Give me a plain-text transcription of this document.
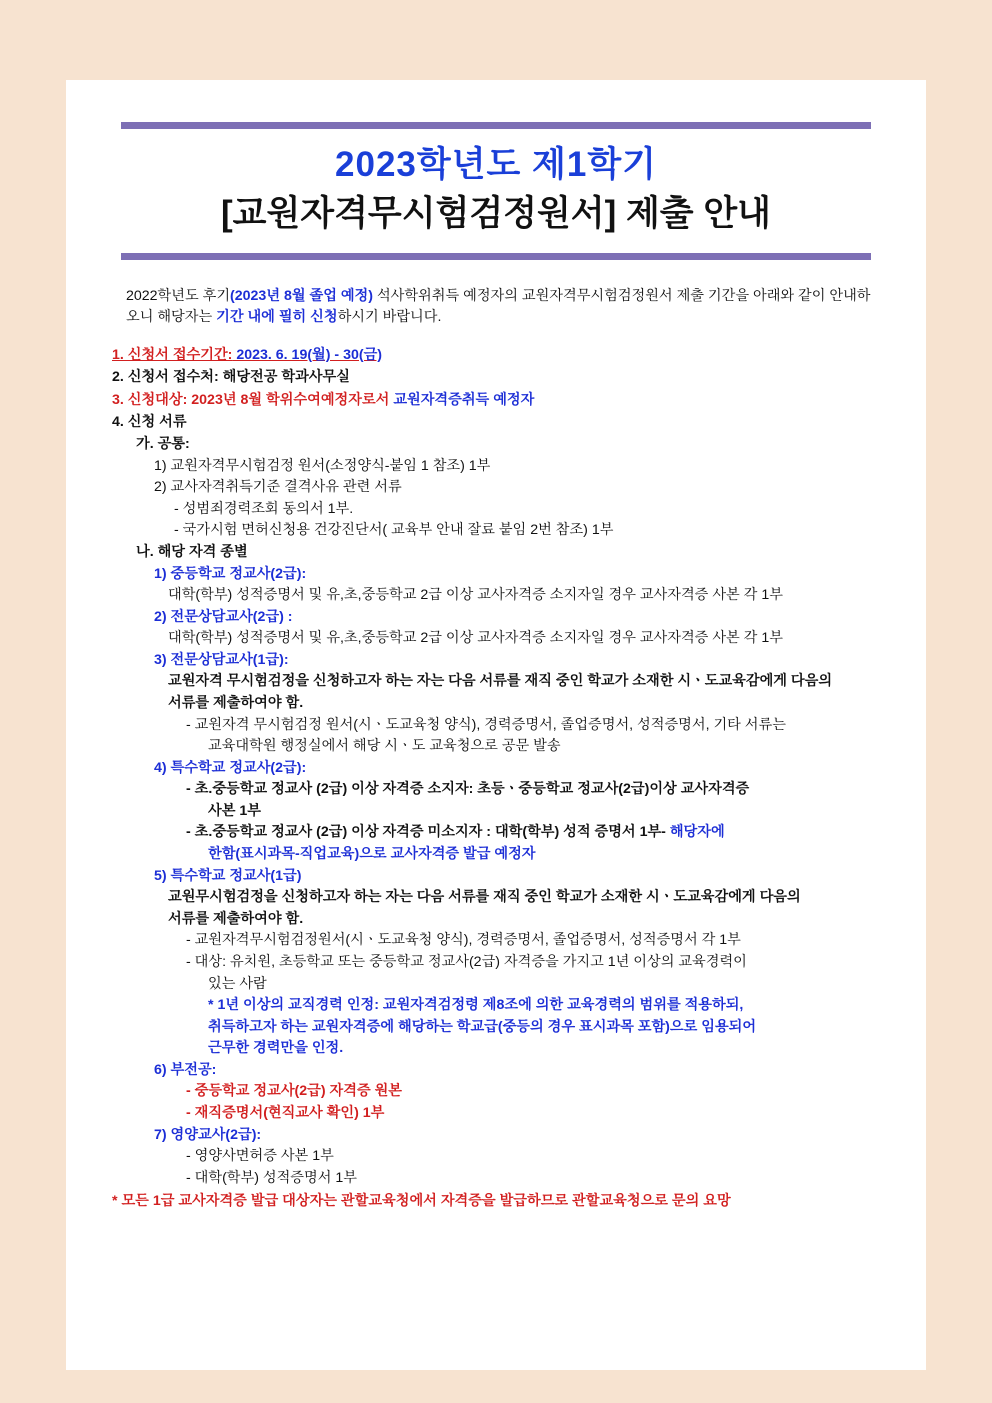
2023학년도 제1학기
[교원자격무시험검정원서] 제출 안내
2022학년도 후기(2023년 8월 졸업 예정) 석사학위취득 예정자의 교원자격무시험검정원서 제출 기간을 아래와 같이 안내하오니 해당자는 기간 내에 필히 신청하시기 바랍니다.
1. 신청서 접수기간: 2023. 6. 19(월) - 30(금)
2. 신청서 접수처: 해당전공 학과사무실
3. 신청대상: 2023년 8월 학위수여예정자로서 교원자격증취득 예정자
4. 신청 서류
가. 공통:
1) 교원자격무시험검정 원서(소정양식-붙임 1 참조) 1부
2) 교사자격취득기준 결격사유 관련 서류
- 성범죄경력조회 동의서 1부.
- 국가시험 면허신청용 건강진단서( 교육부 안내 잘료 붙임 2번 참조) 1부
나. 해당 자격 종별
1) 중등학교 정교사(2급):
대학(학부) 성적증명서 및 유,초,중등학교 2급 이상 교사자격증 소지자일 경우 교사자격증 사본 각 1부
2) 전문상담교사(2급) :
대학(학부) 성적증명서 및 유,초,중등학교 2급 이상 교사자격증 소지자일 경우 교사자격증 사본 각 1부
3) 전문상담교사(1급):
교원자격 무시험검정을 신청하고자 하는 자는 다음 서류를 재직 중인 학교가 소재한 시ㆍ도교육감에게 다음의
서류를 제출하여야 함.
- 교원자격 무시험검정 원서(시ㆍ도교육청 양식), 경력증명서, 졸업증명서, 성적증명서, 기타 서류는
교육대학원 행정실에서 해당 시ㆍ도 교육청으로 공문 발송
4) 특수학교 정교사(2급):
- 초.중등학교 정교사 (2급) 이상 자격증 소지자: 초등ㆍ중등학교 정교사(2급)이상 교사자격증
사본 1부
- 초.중등학교 정교사 (2급) 이상 자격증 미소지자 : 대학(학부) 성적 증명서 1부- 해당자에
한함(표시과목-직업교육)으로 교사자격증 발급 예정자
5) 특수학교 정교사(1급)
교원무시험검정을 신청하고자 하는 자는 다음 서류를 재직 중인 학교가 소재한 시ㆍ도교육감에게 다음의
서류를 제출하여야 함.
- 교원자격무시험검정원서(시ㆍ도교육청 양식), 경력증명서, 졸업증명서, 성적증명서 각 1부
- 대상: 유치원, 초등학교 또는 중등학교 정교사(2급) 자격증을 가지고 1년 이상의 교육경력이
있는 사람
* 1년 이상의 교직경력 인정: 교원자격검정령 제8조에 의한 교육경력의 범위를 적용하되,
취득하고자 하는 교원자격증에 해당하는 학교급(중등의 경우 표시과목 포함)으로 임용되어
근무한 경력만을 인정.
6) 부전공:
- 중등학교 정교사(2급) 자격증 원본
- 재직증명서(현직교사 확인) 1부
7) 영양교사(2급):
- 영양사면허증 사본 1부
- 대학(학부) 성적증명서 1부
* 모든 1급 교사자격증 발급 대상자는 관할교육청에서 자격증을 발급하므로 관할교육청으로 문의 요망
